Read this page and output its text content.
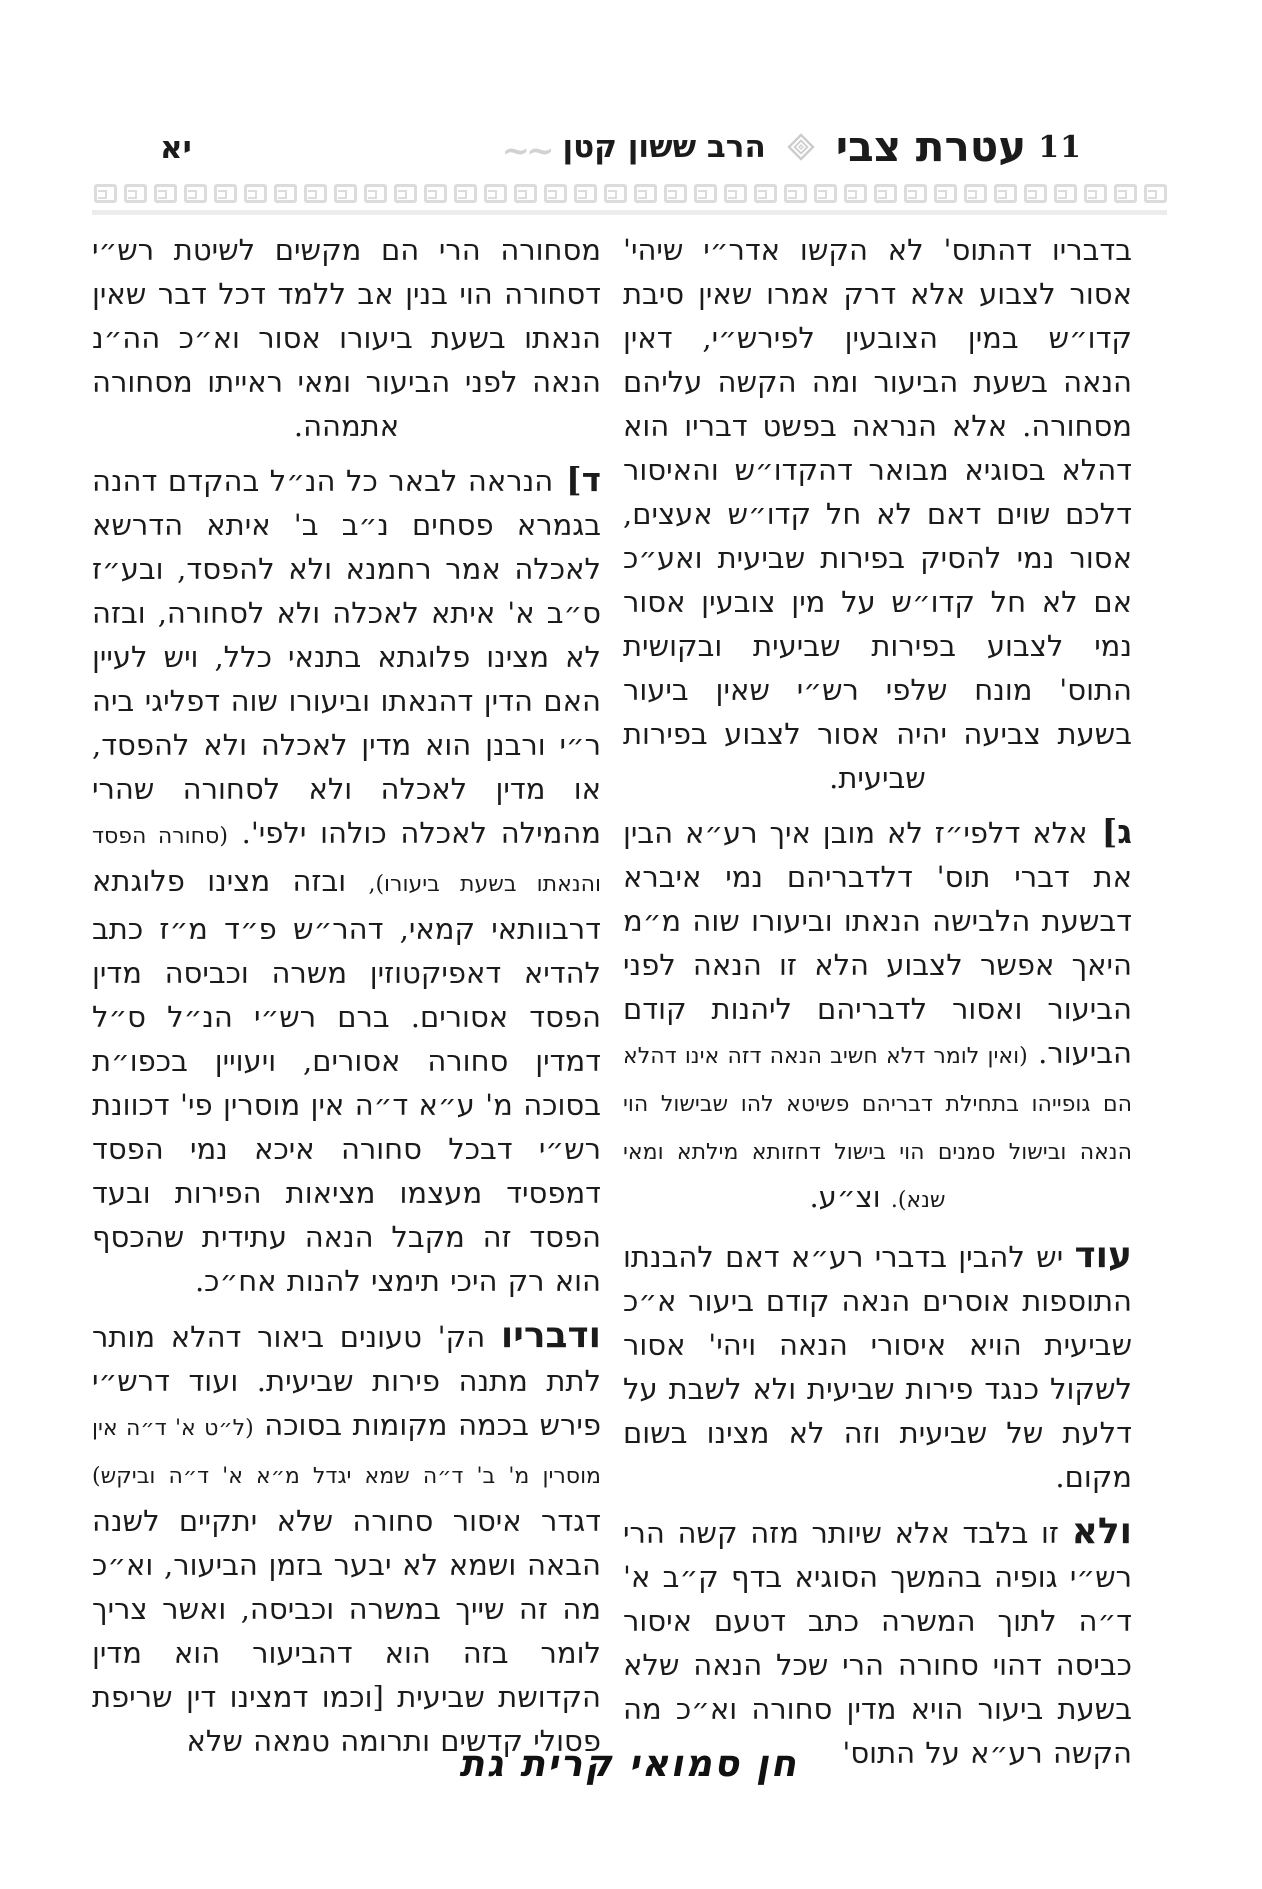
יא	11
עטרת צבי
הרב ששון קטן
~~

בדבריו דהתוס' לא הקשו אדר״י שיהי' אסור לצבוע אלא דרק אמרו שאין סיבת קדו״ש במין הצובעין לפירש״י, דאין הנאה בשעת הביעור ומה הקשה עליהם מסחורה. אלא הנראה בפשט דבריו הוא דהלא בסוגיא מבואר דהקדו״ש והאיסור דלכם שוים דאם לא חל קדו״ש אעצים, אסור נמי להסיק בפירות שביעית ואע״כ אם לא חל קדו״ש על מין צובעין אסור נמי לצבוע בפירות שביעית ובקושית התוס' מונח שלפי רש״י שאין ביעור בשעת צביעה יהיה אסור לצבוע בפירות שביעית.

ג] אלא דלפי״ז לא מובן איך רע״א הבין את דברי תוס' דלדבריהם נמי איברא דבשעת הלבישה הנאתו וביעורו שוה מ״מ היאך אפשר לצבוע הלא זו הנאה לפני הביעור ואסור לדבריהם ליהנות קודם הביעור. (ואין לומר דלא חשיב הנאה דזה אינו דהלא הם גופייהו בתחילת דבריהם פשיטא להו שבישול הוי הנאה ובישול סמנים הוי בישול דחזותא מילתא ומאי שנא). וצ״ע.

עוד יש להבין בדברי רע״א דאם להבנתו התוספות אוסרים הנאה קודם ביעור א״כ שביעית הויא איסורי הנאה ויהי' אסור לשקול כנגד פירות שביעית ולא לשבת על דלעת של שביעית וזה לא מצינו בשום מקום.

ולא זו בלבד אלא שיותר מזה קשה הרי רש״י גופיה בהמשך הסוגיא בדף ק״ב א' ד״ה לתוך המשרה כתב דטעם איסור כביסה דהוי סחורה הרי שכל הנאה שלא בשעת ביעור הויא מדין סחורה וא״כ מה הקשה רע״א על התוס'

מסחורה הרי הם מקשים לשיטת רש״י דסחורה הוי בנין אב ללמד דכל דבר שאין הנאתו בשעת ביעורו אסור וא״כ הה״נ הנאה לפני הביעור ומאי ראייתו מסחורה אתמהה.

ד] הנראה לבאר כל הנ״ל בהקדם דהנה בגמרא פסחים נ״ב ב' איתא הדרשא לאכלה אמר רחמנא ולא להפסד, ובע״ז ס״ב א' איתא לאכלה ולא לסחורה, ובזה לא מצינו פלוגתא בתנאי כלל, ויש לעיין האם הדין דהנאתו וביעורו שוה דפליגי ביה ר״י ורבנן הוא מדין לאכלה ולא להפסד, או מדין לאכלה ולא לסחורה שהרי מהמילה לאכלה כולהו ילפי'. (סחורה הפסד והנאתו בשעת ביעורו), ובזה מצינו פלוגתא דרבוותאי קמאי, דהר״ש פ״ד מ״ז כתב להדיא דאפיקטוזין משרה וכביסה מדין הפסד אסורים. ברם רש״י הנ״ל ס״ל דמדין סחורה אסורים, ויעויין בכפו״ת בסוכה מ' ע״א ד״ה אין מוסרין פי' דכוונת רש״י דבכל סחורה איכא נמי הפסד דמפסיד מעצמו מציאות הפירות ובעד הפסד זה מקבל הנאה עתידית שהכסף הוא רק היכי תימצי להנות אח״כ.

ודבריו הק' טעונים ביאור דהלא מותר לתת מתנה פירות שביעית. ועוד דרש״י פירש בכמה מקומות בסוכה (ל״ט א' ד״ה אין מוסרין מ' ב' ד״ה שמא יגדל מ״א א' ד״ה וביקש) דגדר איסור סחורה שלא יתקיים לשנה הבאה ושמא לא יבער בזמן הביעור, וא״כ מה זה שייך במשרה וכביסה, ואשר צריך לומר בזה הוא דהביעור הוא מדין הקדושת שביעית [וכמו דמצינו דין שריפת פסולי קדשים ותרומה טמאה שלא

חן סמואי קרית גת
